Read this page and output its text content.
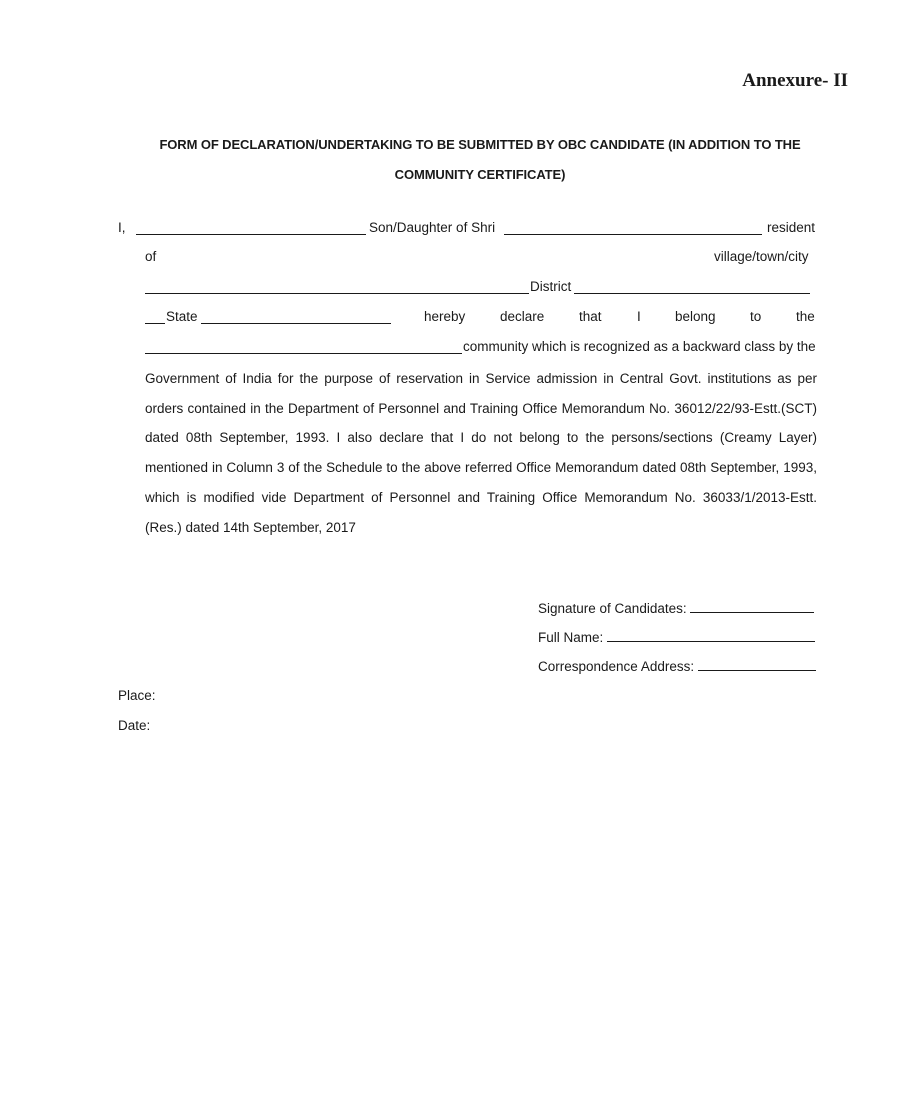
Annexure- II
FORM OF DECLARATION/UNDERTAKING TO BE SUBMITTED BY OBC CANDIDATE (IN ADDITION TO THE
COMMUNITY CERTIFICATE)
I,	Son/Daughter of Shri	resident
of	village/town/city
District
State	hereby	declare	that	I	belong	to	the
community which is recognized as a backward class by the

Government of India for the purpose of reservation in Service admission in Central Govt. institutions as per orders contained in the Department of Personnel and Training Office Memorandum No. 36012/22/93-Estt.(SCT) dated 08th September, 1993. I also declare that I do not belong to the persons/sections (Creamy Layer) mentioned in Column 3 of the Schedule to the above referred Office Memorandum dated 08th September, 1993, which is modified vide Department of Personnel and Training Office Memorandum No. 36033/1/2013-Estt. (Res.) dated 14th September, 2017

Signature of Candidates:
Full Name:
Correspondence Address:
Place:
Date:
